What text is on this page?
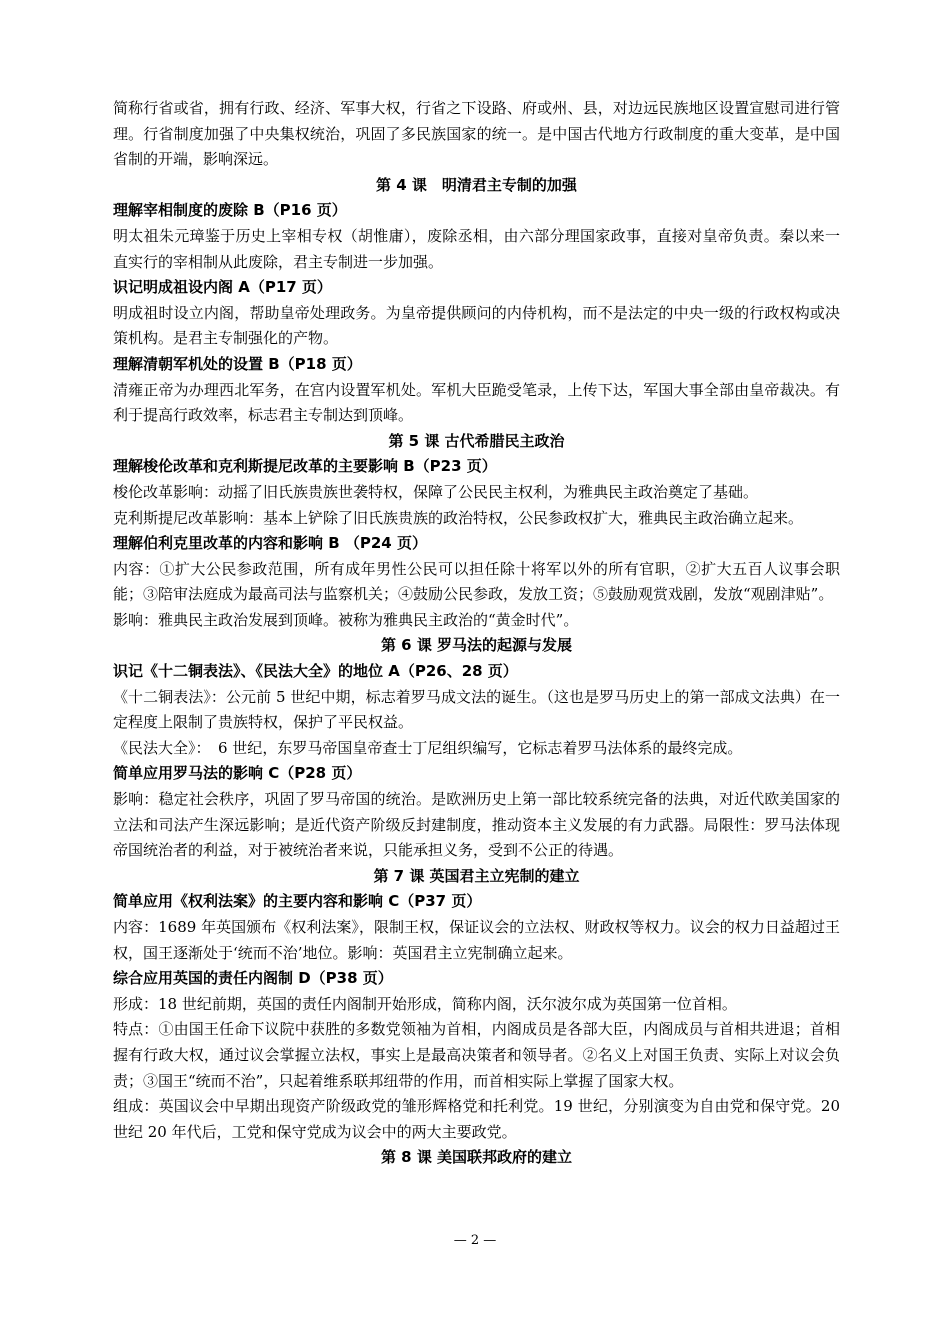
简称行省或省，拥有行政、经济、军事大权，行省之下设路、府或州、县，对边远民族地区设置宣慰司进行管理。行省制度加强了中央集权统治，巩固了多民族国家的统一。是中国古代地方行政制度的重大变革，是中国省制的开端，影响深远。

第 4 课　明清君主专制的加强
理解宰相制度的废除 B（P16 页）

明太祖朱元璋鉴于历史上宰相专权（胡惟庸），废除丞相，由六部分理国家政事，直接对皇帝负责。秦以来一直实行的宰相制从此废除，君主专制进一步加强。

识记明成祖设内阁 A（P17 页）

明成祖时设立内阁，帮助皇帝处理政务。为皇帝提供顾问的内侍机构，而不是法定的中央一级的行政权构或决策机构。是君主专制强化的产物。

理解清朝军机处的设置 B（P18 页）

清雍正帝为办理西北军务，在宫内设置军机处。军机大臣跪受笔录，上传下达，军国大事全部由皇帝裁决。有利于提高行政效率，标志君主专制达到顶峰。

第 5 课 古代希腊民主政治
理解梭伦改革和克利斯提尼改革的主要影响 B（P23 页）

梭伦改革影响：动摇了旧氏族贵族世袭特权，保障了公民民主权利，为雅典民主政治奠定了基础。

克利斯提尼改革影响：基本上铲除了旧氏族贵族的政治特权，公民参政权扩大，雅典民主政治确立起来。

理解伯利克里改革的内容和影响 B （P24 页）

内容：①扩大公民参政范围，所有成年男性公民可以担任除十将军以外的所有官职，②扩大五百人议事会职能；③陪审法庭成为最高司法与监察机关；④鼓励公民参政，发放工资；⑤鼓励观赏戏剧，发放“观剧津贴”。

影响：雅典民主政治发展到顶峰。被称为雅典民主政治的“黄金时代”。

第 6 课 罗马法的起源与发展
识记《十二铜表法》、《民法大全》的地位 A（P26、28 页）

《十二铜表法》：公元前 5 世纪中期，标志着罗马成文法的诞生。（这也是罗马历史上的第一部成文法典）在一定程度上限制了贵族特权，保护了平民权益。

《民法大全》：　6 世纪，东罗马帝国皇帝查士丁尼组织编写，它标志着罗马法体系的最终完成。

简单应用罗马法的影响 C（P28 页）

影响：稳定社会秩序，巩固了罗马帝国的统治。是欧洲历史上第一部比较系统完备的法典，对近代欧美国家的立法和司法产生深远影响；是近代资产阶级反封建制度，推动资本主义发展的有力武器。局限性：罗马法体现帝国统治者的利益，对于被统治者来说，只能承担义务，受到不公正的待遇。

第 7 课 英国君主立宪制的建立
简单应用《权利法案》的主要内容和影响 C（P37 页）

内容：1689 年英国颁布《权利法案》，限制王权，保证议会的立法权、财政权等权力。议会的权力日益超过王权，国王逐渐处于‘统而不治’地位。影响：英国君主立宪制确立起来。

综合应用英国的责任内阁制 D（P38 页）

形成：18 世纪前期，英国的责任内阁制开始形成，简称内阁，沃尔波尔成为英国第一位首相。

特点：①由国王任命下议院中获胜的多数党领袖为首相，内阁成员是各部大臣，内阁成员与首相共进退；首相握有行政大权，通过议会掌握立法权，事实上是最高决策者和领导者。②名义上对国王负责、实际上对议会负责；③国王“统而不治”，只起着维系联邦纽带的作用，而首相实际上掌握了国家大权。

组成：英国议会中早期出现资产阶级政党的雏形辉格党和托利党。19 世纪，分别演变为自由党和保守党。20 世纪 20 年代后，工党和保守党成为议会中的两大主要政党。

第 8 课 美国联邦政府的建立
— 2 —
